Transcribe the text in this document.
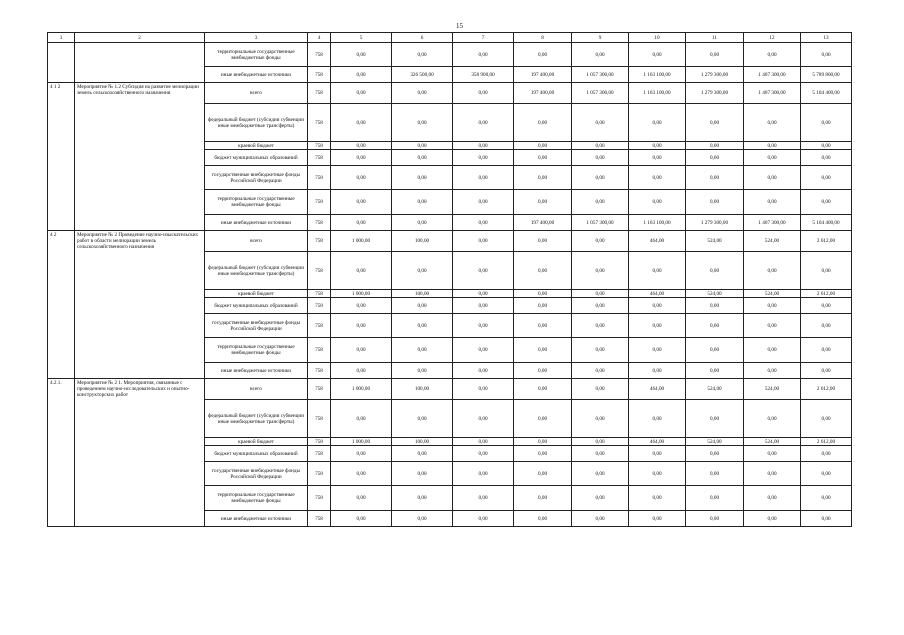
15
1	2	3	4	5	6	7	8	9	10	11	12	13
		территориальные государственные внебюджетные фонды	758	0,00	0,00	0,00	0,00	0,00	0,00	0,00	0,00	0,00
		иные внебюджетные источники	758	0,00	326 500,00	358 900,00	197 400,00	1 057 300,00	1 163 100,00	1 279 300,00	1 407 300,00	5 789 800,00
4 1 2	Мероприятие № 1.2 Субсидия на развитие мелиорации земель сельскохозяйственного назначения	всего	758	0,00	0,00	0,00	197 400,00	1 057 300,00	1 163 100,00	1 279 300,00	1 407 300,00	5 104 400,00
		федеральный бюджет (субсидии субвенции иные межбюджетные трансферты)	758	0,00	0,00	0,00	0,00	0,00	0,00	0,00	0,00	0,00
		краевой бюджет	758	0,00	0,00	0,00	0,00	0,00	0,00	0,00	0,00	0,00
		бюджет муниципальных образований	758	0,00	0,00	0,00	0,00	0,00	0,00	0,00	0,00	0,00
		государственные внебюджетные фонды Российской Федерации	758	0,00	0,00	0,00	0,00	0,00	0,00	0,00	0,00	0,00
		территориальные государственные внебюджетные фонды	758	0,00	0,00	0,00	0,00	0,00	0,00	0,00	0,00	0,00
		иные внебюджетные источники	758	0,00	0,00	0,00	197 400,00	1 057 300,00	1 163 100,00	1 279 300,00	1 407 300,00	5 104 400,00
4 2	Мероприятие № 2 Проведение научно-изыскательских работ в области мелиорации земель сельскохозяйственного назначения	всего	758	1 000,00	100,00	0,00	0,00	0,00	464,00	524,00	524,00	2 612,00
		федеральный бюджет (субсидии субвенции иные межбюджетные трансферты)	758	0,00	0,00	0,00	0,00	0,00	0,00	0,00	0,00	0,00
		краевой бюджет	758	1 000,00	100,00	0,00	0,00	0,00	464,00	524,00	524,00	2 612,00
		бюджет муниципальных образований	758	0,00	0,00	0,00	0,00	0,00	0,00	0,00	0,00	0,00
		государственные внебюджетные фонды Российской Федерации	758	0,00	0,00	0,00	0,00	0,00	0,00	0,00	0,00	0,00
		территориальные государственные внебюджетные фонды	758	0,00	0,00	0,00	0,00	0,00	0,00	0,00	0,00	0,00
		иные внебюджетные источники	758	0,00	0,00	0,00	0,00	0,00	0,00	0,00	0,00	0,00
4.2.1.	Мероприятие № 2 1. Мероприятия, связанные с проведением научно-исследовательских и опытно-конструкторских работ	всего	758	1 000,00	100,00	0,00	0,00	0,00	464,00	524,00	524,00	2 612,00
		федеральный бюджет (субсидии субвенции иные межбюджетные трансферты)	758	0,00	0,00	0,00	0,00	0,00	0,00	0,00	0,00	0,00
		краевой бюджет	758	1 000,00	100,00	0,00	0,00	0,00	464,00	524,00	524,00	2 612,00
		бюджет муниципальных образований	758	0,00	0,00	0,00	0,00	0,00	0,00	0,00	0,00	0,00
		государственные внебюджетные фонды Российской Федерации	758	0,00	0,00	0,00	0,00	0,00	0,00	0,00	0,00	0,00
		территориальные государственные внебюджетные фонды	758	0,00	0,00	0,00	0,00	0,00	0,00	0,00	0,00	0,00
		иные внебюджетные источники	758	0,00	0,00	0,00	0,00	0,00	0,00	0,00	0,00	0,00
